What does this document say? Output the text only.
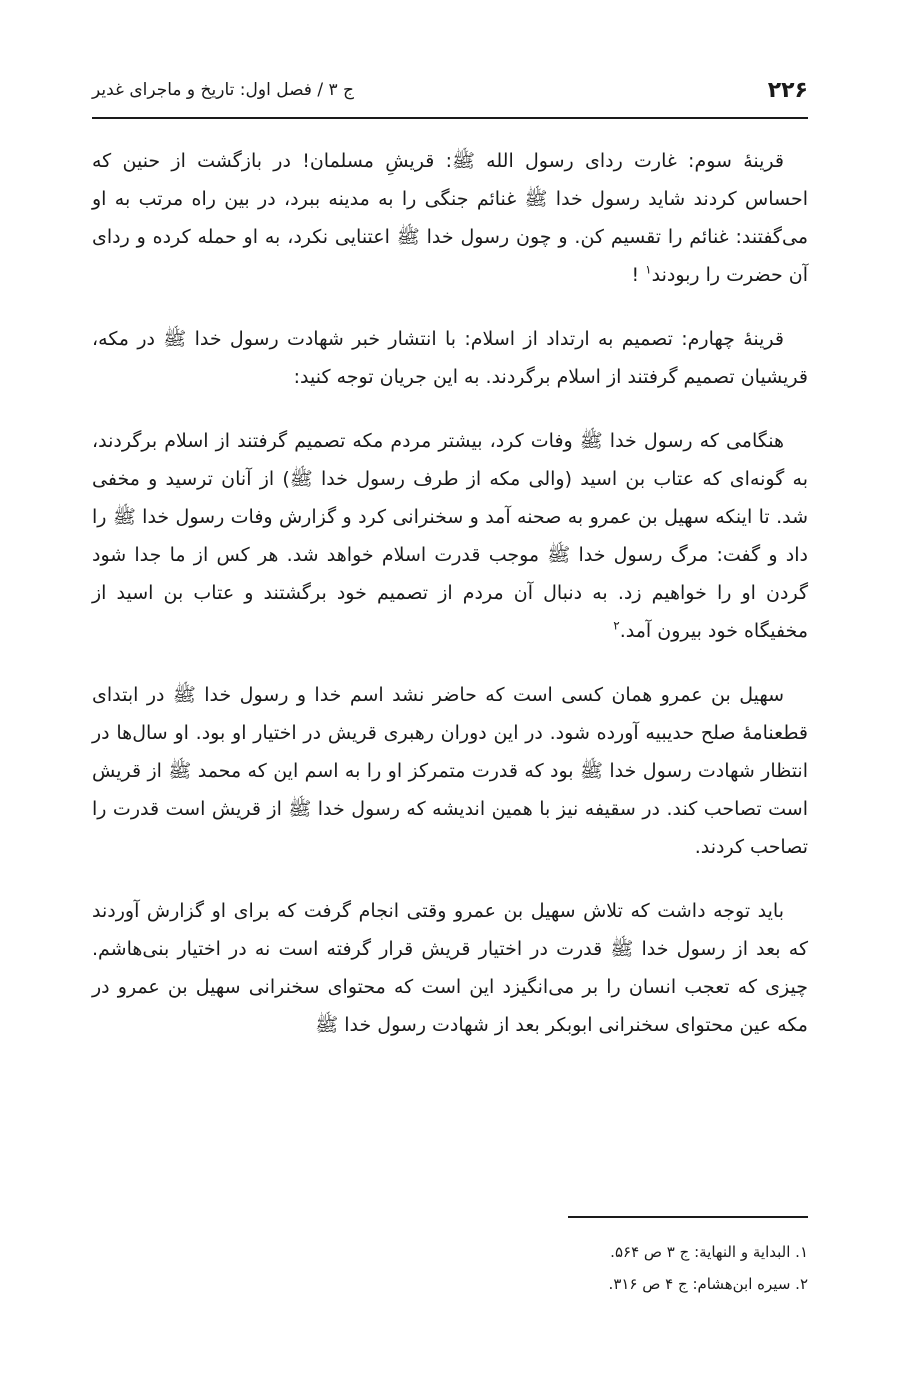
۲۲۶
ج ۳ / فصل اول: تاریخ و ماجرای غدیر

قرینۀ سوم: غارت ردای رسول الله ﷺ: قریشِ مسلمان! در بازگشت از حنین که احساس کردند شاید رسول خدا ﷺ غنائم جنگی را به مدینه ببرد، در بین راه مرتب به او می‌گفتند: غنائم را تقسیم کن. و چون رسول خدا ﷺ اعتنایی نکرد، به او حمله کرده و ردای آن حضرت را ربودند$^۱$ !

قرینۀ چهارم: تصمیم به ارتداد از اسلام: با انتشار خبر شهادت رسول خدا ﷺ در مکه، قریشیان تصمیم گرفتند از اسلام برگردند. به این جریان توجه کنید:

هنگامی که رسول خدا ﷺ وفات کرد، بیشتر مردم مکه تصمیم گرفتند از اسلام برگردند، به گونه‌ای که عتاب بن اسید (والی مکه از طرف رسول خدا ﷺ) از آنان ترسید و مخفی شد. تا اینکه سهیل بن عمرو به صحنه آمد و سخنرانی کرد و گزارش وفات رسول خدا ﷺ را داد و گفت: مرگ رسول خدا ﷺ موجب قدرت اسلام خواهد شد. هر کس از ما جدا شود گردن او را خواهیم زد. به دنبال آن مردم از تصمیم خود برگشتند و عتاب بن اسید از مخفیگاه خود بیرون آمد.$^۲$

سهیل بن عمرو همان کسی است که حاضر نشد اسم خدا و رسول خدا ﷺ در ابتدای قطعنامۀ صلح حدیبیه آورده شود. در این دوران رهبری قریش در اختیار او بود. او سال‌ها در انتظار شهادت رسول خدا ﷺ بود که قدرت متمرکز او را به اسم این که محمد ﷺ از قریش است تصاحب کند. در سقیفه نیز با همین اندیشه که رسول خدا ﷺ از قریش است قدرت را تصاحب کردند.

باید توجه داشت که تلاش سهیل بن عمرو وقتی انجام گرفت که برای او گزارش آوردند که بعد از رسول خدا ﷺ قدرت در اختیار قریش قرار گرفته است نه در اختیار بنی‌هاشم. چیزی که تعجب انسان را بر می‌انگیزد این است که محتوای سخنرانی سهیل بن عمرو در مکه عین محتوای سخنرانی ابوبکر بعد از شهادت رسول خدا ﷺ

۱. البدایة و النهایة: ج ۳ ص ۵۶۴.
۲. سیره ابن‌هشام: ج ۴ ص ۳۱۶.
